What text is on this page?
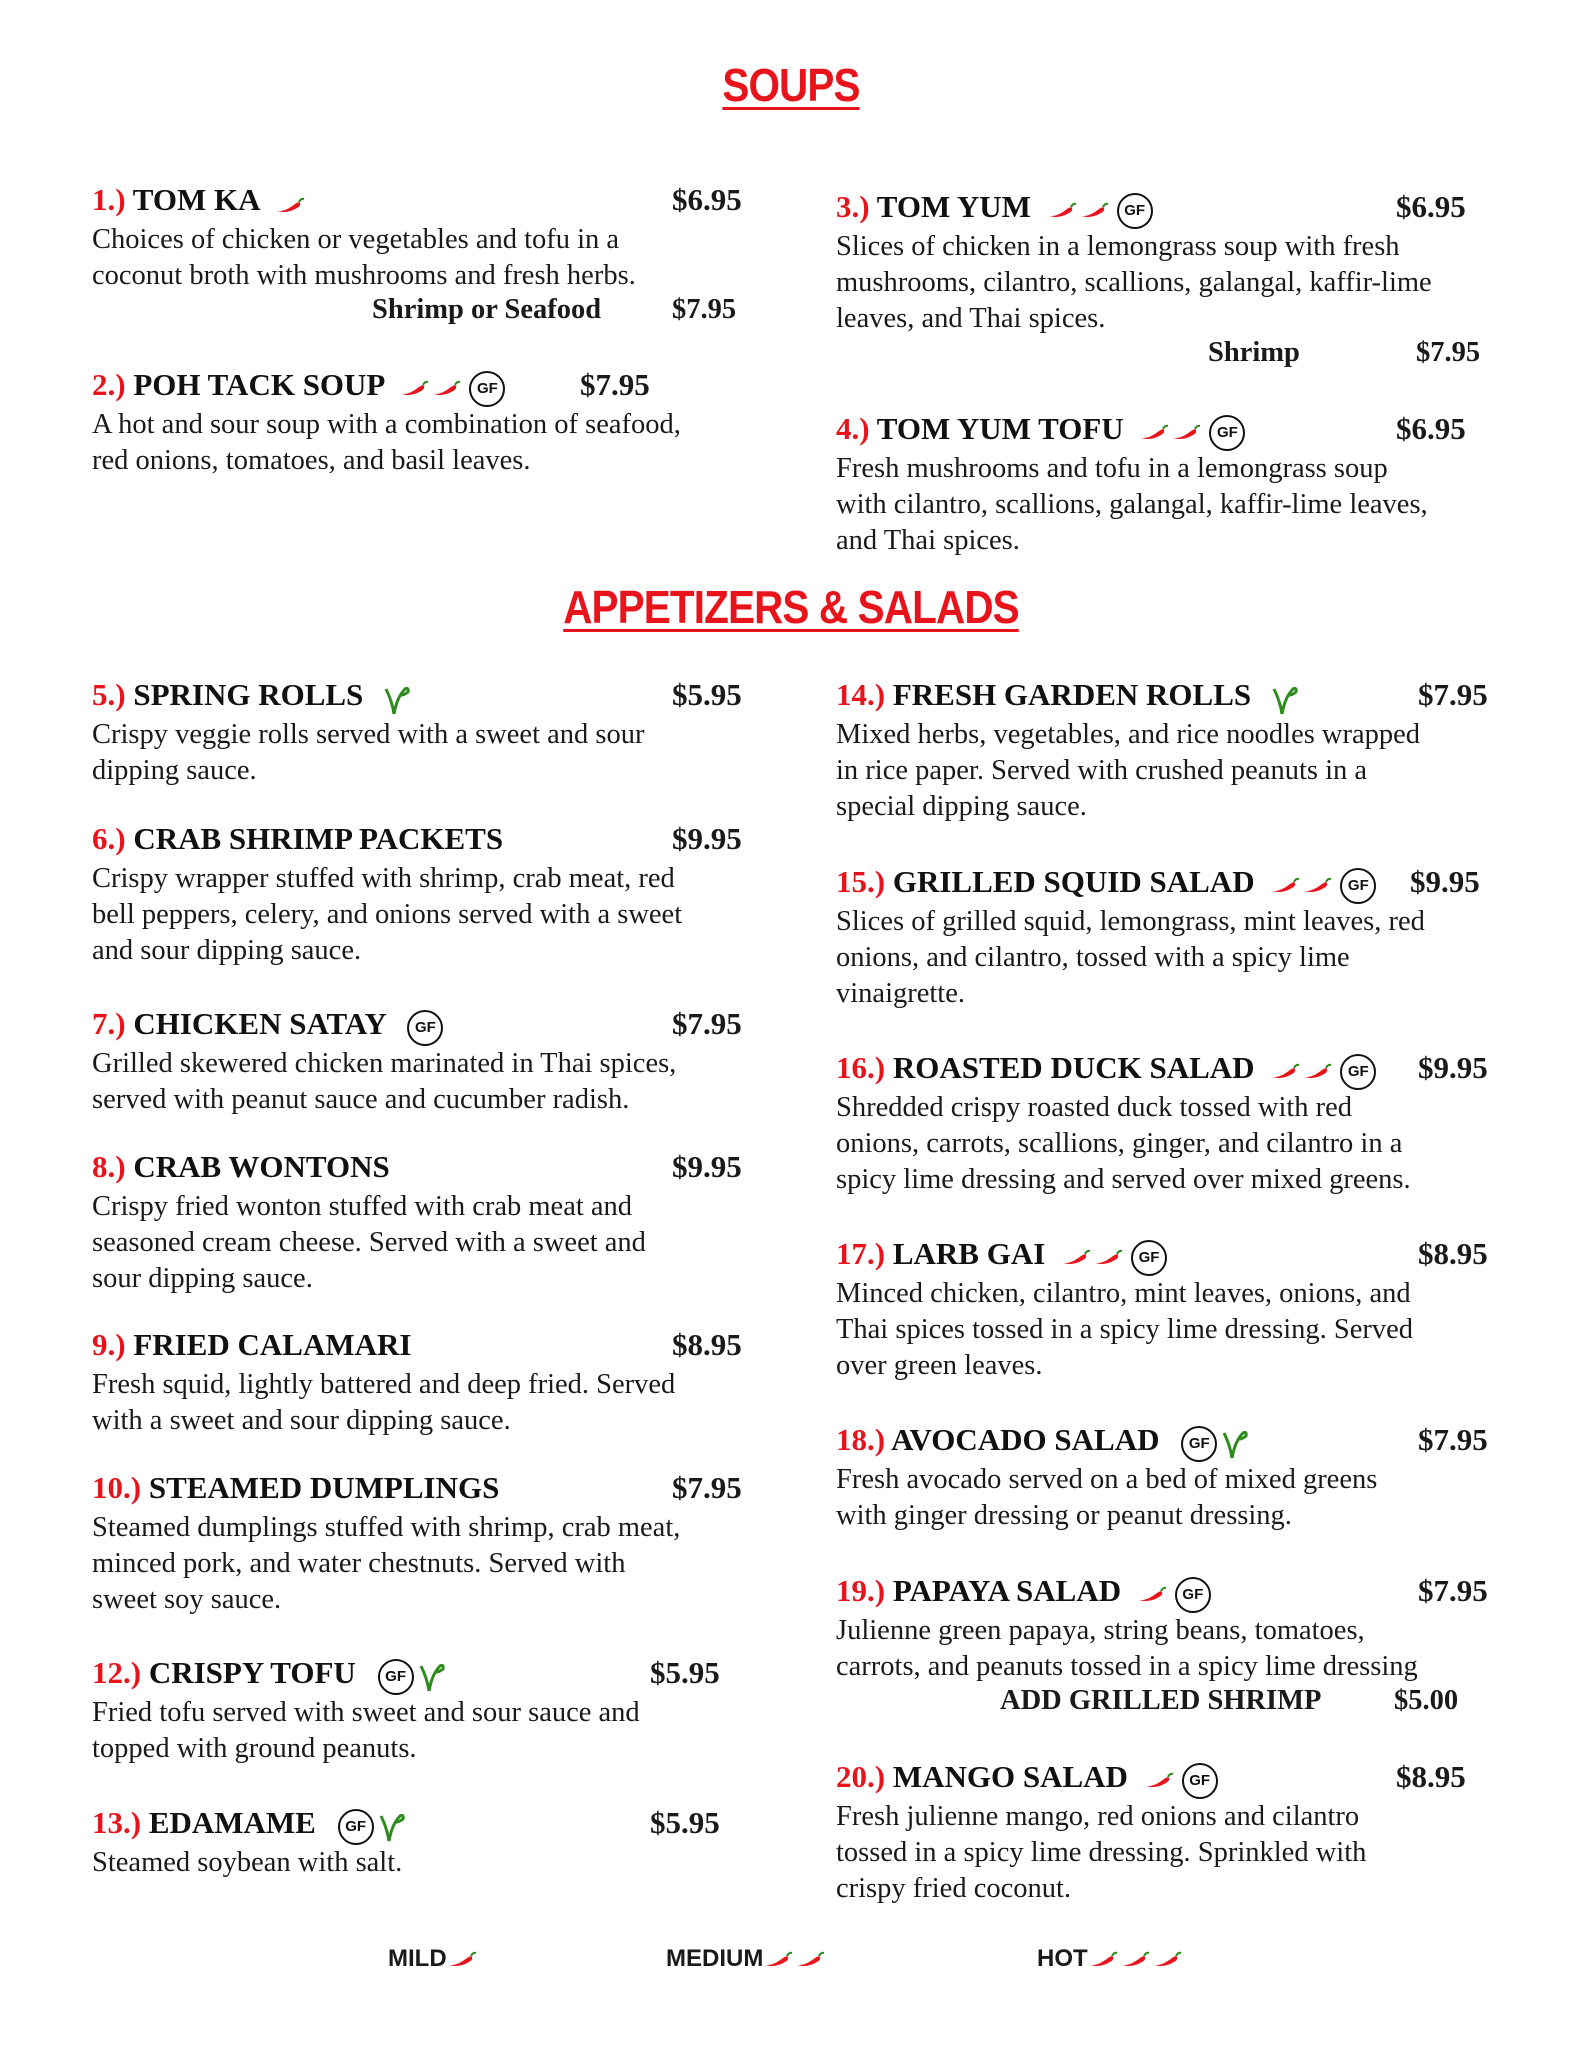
SOUPS
APPETIZERS & SALADS
1.) TOM KA	$6.95
Choices of chicken or vegetables and tofu in a
coconut broth with mushrooms and fresh herbs.
Shrimp or Seafood $7.95
2.) POH TACK SOUP	GF	$7.95
A hot and sour soup with a combination of seafood,
red onions, tomatoes, and basil leaves.
3.) TOM YUM	GF	$6.95
Slices of chicken in a lemongrass soup with fresh
mushrooms, cilantro, scallions, galangal, kaffir-lime
leaves, and Thai spices.
Shrimp	$7.95
4.) TOM YUM TOFU	GF	$6.95
Fresh mushrooms and tofu in a lemongrass soup
with cilantro, scallions, galangal, kaffir-lime leaves,
and Thai spices.
5.) SPRING ROLLS	$5.95
Crispy veggie rolls served with a sweet and sour
dipping sauce.
6.) CRAB SHRIMP PACKETS	$9.95
Crispy wrapper stuffed with shrimp, crab meat, red
bell peppers, celery, and onions served with a sweet
and sour dipping sauce.
7.) CHICKEN SATAY GF	$7.95
Grilled skewered chicken marinated in Thai spices,
served with peanut sauce and cucumber radish.
8.) CRAB WONTONS	$9.95
Crispy fried wonton stuffed with crab meat and
seasoned cream cheese. Served with a sweet and
sour dipping sauce.
9.) FRIED CALAMARI	$8.95
Fresh squid, lightly battered and deep fried. Served
with a sweet and sour dipping sauce.
10.) STEAMED DUMPLINGS	$7.95
Steamed dumplings stuffed with shrimp, crab meat,
minced pork, and water chestnuts. Served with
sweet soy sauce.
12.) CRISPY TOFU GF	$5.95
Fried tofu served with sweet and sour sauce and
topped with ground peanuts.
13.) EDAMAME GF	$5.95
Steamed soybean with salt.
14.) FRESH GARDEN ROLLS	$7.95
Mixed herbs, vegetables, and rice noodles wrapped
in rice paper. Served with crushed peanuts in a
special dipping sauce.
15.) GRILLED SQUID SALAD	GF $9.95
Slices of grilled squid, lemongrass, mint leaves, red
onions, and cilantro, tossed with a spicy lime
vinaigrette.
16.) ROASTED DUCK SALAD	GF $9.95
Shredded crispy roasted duck tossed with red
onions, carrots, scallions, ginger, and cilantro in a
spicy lime dressing and served over mixed greens.
17.) LARB GAI	GF	$8.95
Minced chicken, cilantro, mint leaves, onions, and
Thai spices tossed in a spicy lime dressing. Served
over green leaves.
18.) AVOCADO SALAD GF	$7.95
Fresh avocado served on a bed of mixed greens
with ginger dressing or peanut dressing.
19.) PAPAYA SALAD	GF	$7.95
Julienne green papaya, string beans, tomatoes,
carrots, and peanuts tossed in a spicy lime dressing
ADD GRILLED SHRIMP	$5.00
20.) MANGO SALAD	GF	$8.95
Fresh julienne mango, red onions and cilantro
tossed in a spicy lime dressing. Sprinkled with
crispy fried coconut.
MILD	MEDIUM	HOT
